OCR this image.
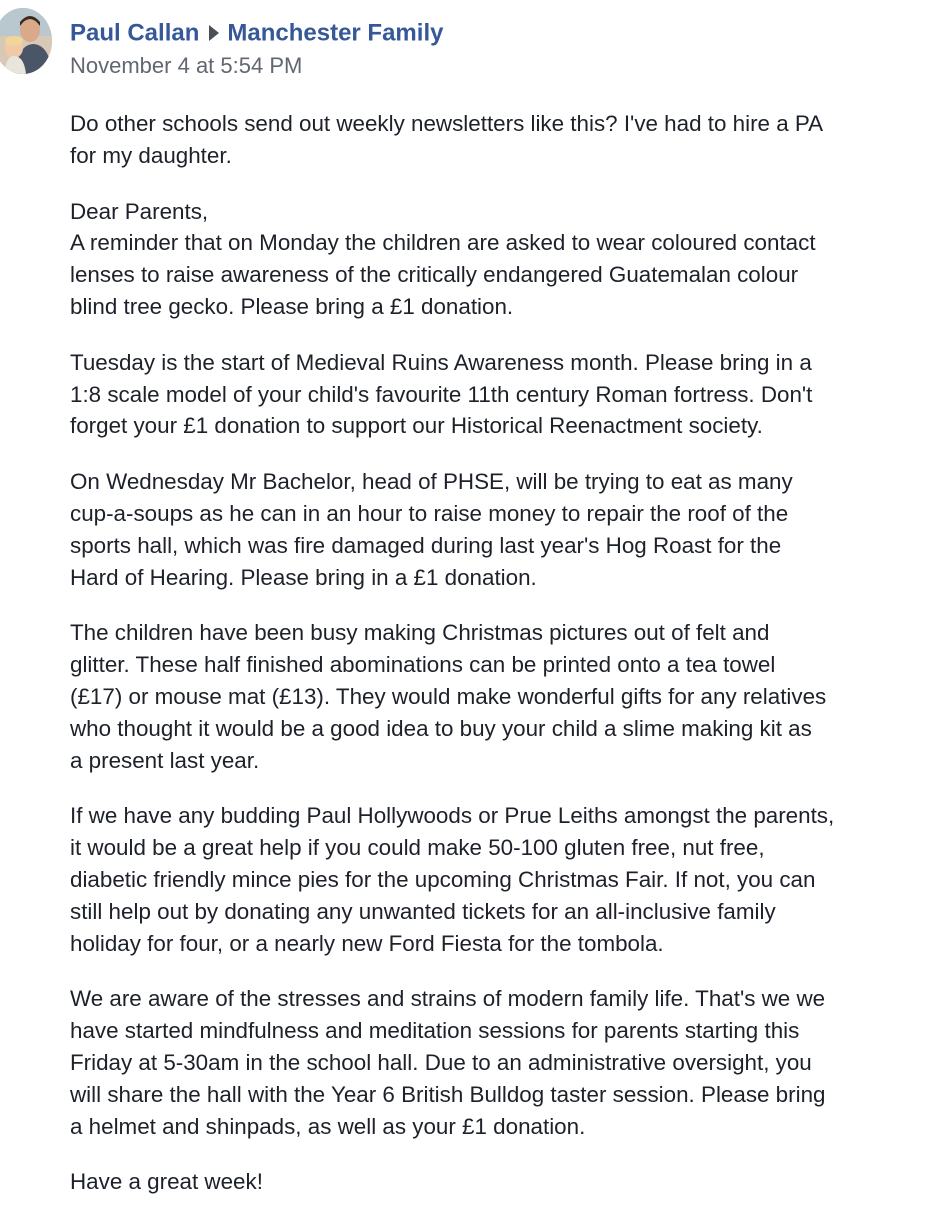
Paul Callan Manchester Family
November 4 at 5:54 PM

Do other schools send out weekly newsletters like this? I've had to hire a PA
for my daughter.

Dear Parents,
A reminder that on Monday the children are asked to wear coloured contact
lenses to raise awareness of the critically endangered Guatemalan colour
blind tree gecko. Please bring a £1 donation.

Tuesday is the start of Medieval Ruins Awareness month. Please bring in a
1:8 scale model of your child's favourite 11th century Roman fortress. Don't
forget your £1 donation to support our Historical Reenactment society.

On Wednesday Mr Bachelor, head of PHSE, will be trying to eat as many
cup-a-soups as he can in an hour to raise money to repair the roof of the
sports hall, which was fire damaged during last year's Hog Roast for the
Hard of Hearing. Please bring in a £1 donation.

The children have been busy making Christmas pictures out of felt and
glitter. These half finished abominations can be printed onto a tea towel
(£17) or mouse mat (£13). They would make wonderful gifts for any relatives
who thought it would be a good idea to buy your child a slime making kit as
a present last year.

If we have any budding Paul Hollywoods or Prue Leiths amongst the parents,
it would be a great help if you could make 50-100 gluten free, nut free,
diabetic friendly mince pies for the upcoming Christmas Fair. If not, you can
still help out by donating any unwanted tickets for an all-inclusive family
holiday for four, or a nearly new Ford Fiesta for the tombola.

We are aware of the stresses and strains of modern family life. That's we we
have started mindfulness and meditation sessions for parents starting this
Friday at 5-30am in the school hall. Due to an administrative oversight, you
will share the hall with the Year 6 British Bulldog taster session. Please bring
a helmet and shinpads, as well as your £1 donation.

Have a great week!
